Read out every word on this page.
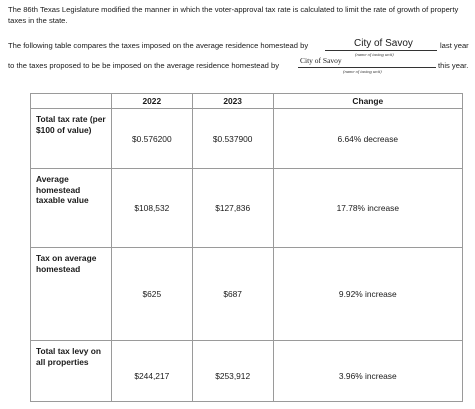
The 86th Texas Legislature modified the manner in which the voter-approval tax rate is calculated to limit the rate of growth of property taxes in the state.
The following table compares the taxes imposed on the average residence homestead by	City of Savoy
(name of taxing unit)
last year
to the taxes proposed to be be imposed on the average residence homestead by
City of Savoy
(name of taxing unit)
this year.
	2022	2023	Change
Total tax rate (per $100 of value)	$0.576200	$0.537900	6.64% decrease
Average homestead taxable value	$108,532	$127,836	17.78% increase
Tax on average homestead	$625	$687	9.92% increase
Total tax levy on all properties	$244,217	$253,912	3.96% increase
